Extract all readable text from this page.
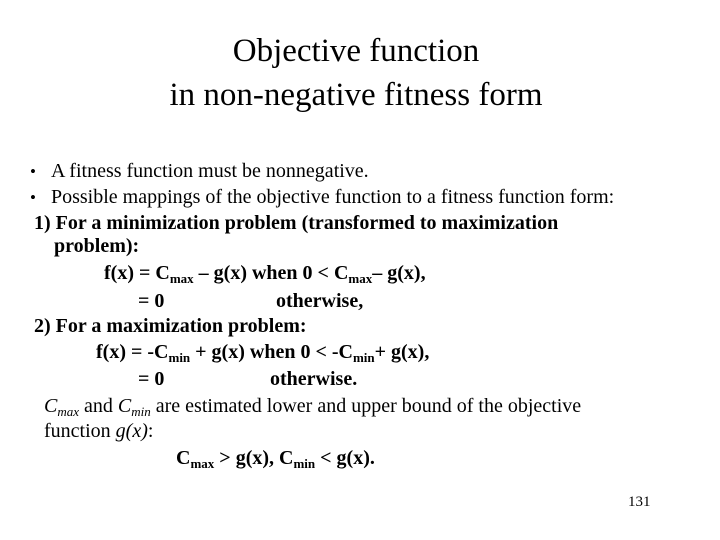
Objective function
in non-negative fitness form
• A fitness function must be nonnegative.
• Possible mappings of the objective function to a fitness function form:
1) For a minimization problem (transformed to maximization
problem):
$f(x) = C_{max} - g(x)$ when $0 < C_{max}-$ g(x),
= 0	otherwise,
2) For a maximization problem:
$f(x) = -C_{min} + g(x)$ when $0 < -C_{min}+ g(x)$,
= 0	otherwise.
$C_{max}$ and $C_{min}$ are estimated lower and upper bound of the objective
function g(x):
$C_{max} > g(x)$, $C_{min} < g(x)$.
131
